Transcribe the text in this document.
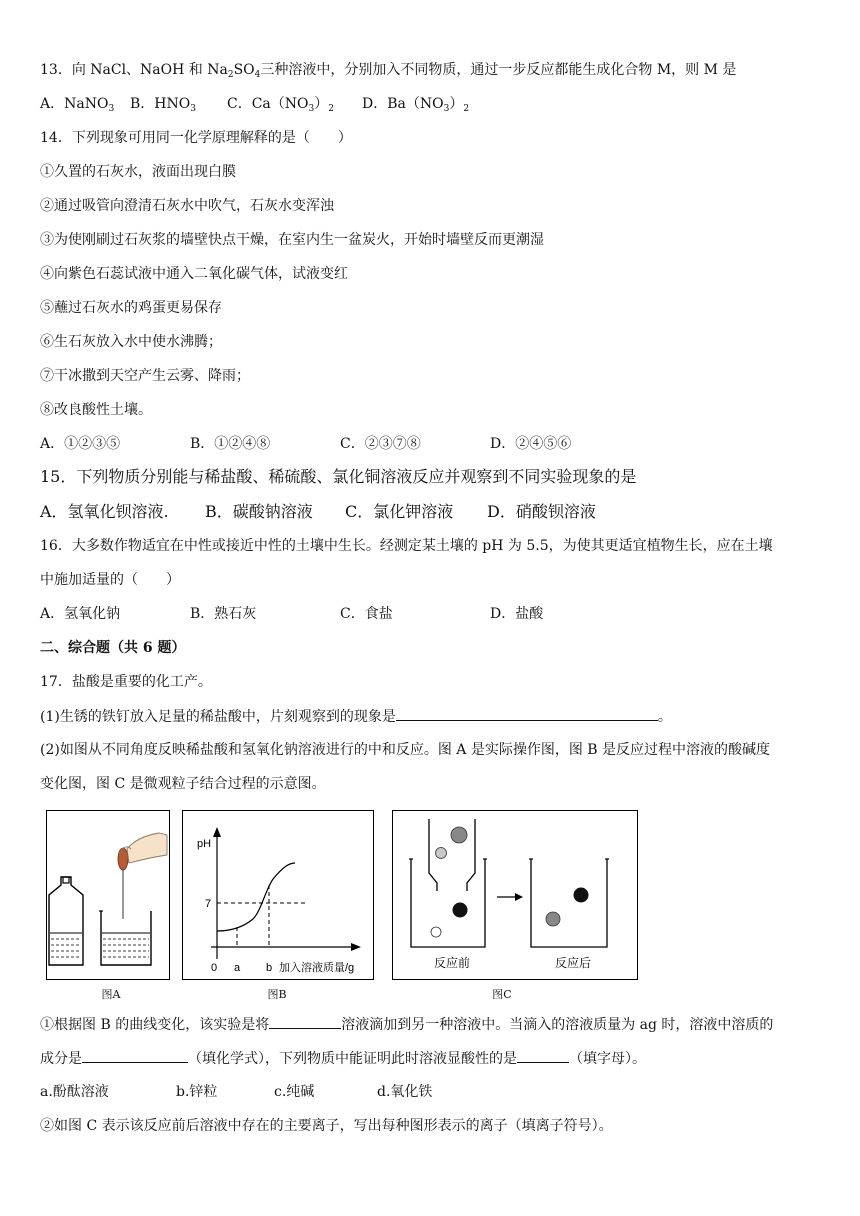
13．向 NaCl、NaOH 和 $Na_2SO_4$三种溶液中，分别加入不同物质，通过一步反应都能生成化合物 M，则 M 是
A．NaNO$_3$ B．$HNO_3$ C．$Ca(NO_3)_2$ D．$Ba(NO_3)_2$
14．下列现象可用同一化学原理解释的是（　　）
①久置的石灰水，液面出现白膜
②通过吸管向澄清石灰水中吹气，石灰水变浑浊
③为使刚刷过石灰浆的墙壁快点干燥，在室内生一盆炭火，开始时墙壁反而更潮湿
④向紫色石蕊试液中通入二氧化碳气体，试液变红
⑤蘸过石灰水的鸡蛋更易保存
⑥生石灰放入水中使水沸腾；
⑦干冰撒到天空产生云雾、降雨；
⑧改良酸性土壤。
A．①②③⑤	B．①②④⑧	C．②③⑦⑧	D．②④⑤⑥
15．下列物质分别能与稀盐酸、稀硫酸、氯化铜溶液反应并观察到不同实验现象的是
A．氢氧化钡溶液. B．碳酸钠溶液 C．氯化钾溶液 D．硝酸钡溶液
16．大多数作物适宜在中性或接近中性的土壤中生长。经测定某土壤的 pH 为 5.5，为使其更适宜植物生长，应在土壤
中施加适量的（　　）
A．氢氧化钠	B．熟石灰	C．食盐	D．盐酸
二、综合题（共 6 题）
17．盐酸是重要的化工产。
(1)生锈的铁钉放入足量的稀盐酸中，片刻观察到的现象是	。
(2)如图从不同角度反映稀盐酸和氢氧化钠溶液进行的中和反应。图 A 是实际操作图，图 B 是反应过程中溶液的酸碱度
变化图，图 C 是微观粒子结合过程的示意图。
图A
pH
7
0 a b 加入溶液质量/g
图B
反应前	反应后
图C
①根据图 B 的曲线变化，该实验是将	溶液滴加到另一种溶液中。当滴入的溶液质量为 ag 时，溶液中溶质的
成分是	（填化学式），下列物质中能证明此时溶液显酸性的是	（填字母）。
a.酚酞溶液	b.锌粒	c.纯碱	d.氧化铁
②如图 C 表示该反应前后溶液中存在的主要离子，写出每种图形表示的离子（填离子符号）。
